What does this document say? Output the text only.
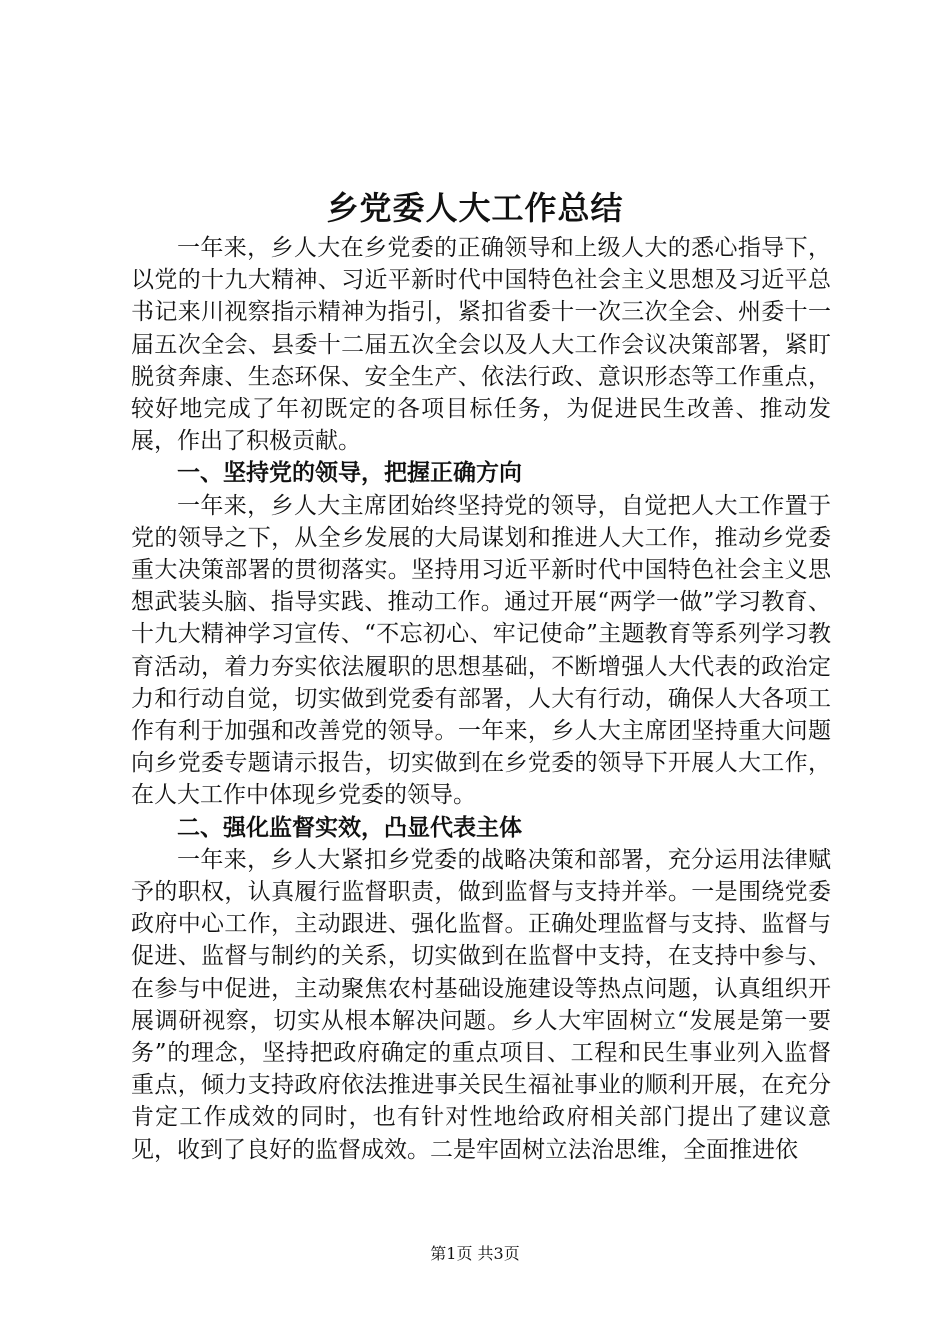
乡党委人大工作总结

一年来，乡人大在乡党委的正确领导和上级人大的悉心指导下，以党的十九大精神、习近平新时代中国特色社会主义思想及习近平总书记来川视察指示精神为指引，紧扣省委十一次三次全会、州委十一届五次全会、县委十二届五次全会以及人大工作会议决策部署，紧盯脱贫奔康、生态环保、安全生产、依法行政、意识形态等工作重点，较好地完成了年初既定的各项目标任务，为促进民生改善、推动发展，作出了积极贡献。

一、坚持党的领导，把握正确方向

一年来，乡人大主席团始终坚持党的领导，自觉把人大工作置于党的领导之下，从全乡发展的大局谋划和推进人大工作，推动乡党委重大决策部署的贯彻落实。坚持用习近平新时代中国特色社会主义思想武装头脑、指导实践、推动工作。通过开展“两学一做”学习教育、十九大精神学习宣传、“不忘初心、牢记使命”主题教育等系列学习教育活动，着力夯实依法履职的思想基础，不断增强人大代表的政治定力和行动自觉，切实做到党委有部署，人大有行动，确保人大各项工作有利于加强和改善党的领导。一年来，乡人大主席团坚持重大问题向乡党委专题请示报告，切实做到在乡党委的领导下开展人大工作，在人大工作中体现乡党委的领导。

二、强化监督实效，凸显代表主体

一年来，乡人大紧扣乡党委的战略决策和部署，充分运用法律赋予的职权，认真履行监督职责，做到监督与支持并举。一是围绕党委政府中心工作，主动跟进、强化监督。正确处理监督与支持、监督与促进、监督与制约的关系，切实做到在监督中支持，在支持中参与、在参与中促进，主动聚焦农村基础设施建设等热点问题，认真组织开展调研视察，切实从根本解决问题。乡人大牢固树立“发展是第一要务”的理念，坚持把政府确定的重点项目、工程和民生事业列入监督重点，倾力支持政府依法推进事关民生福祉事业的顺利开展，在充分肯定工作成效的同时，也有针对性地给政府相关部门提出了建议意见，收到了良好的监督成效。二是牢固树立法治思维，全面推进依

第1页 共3页
